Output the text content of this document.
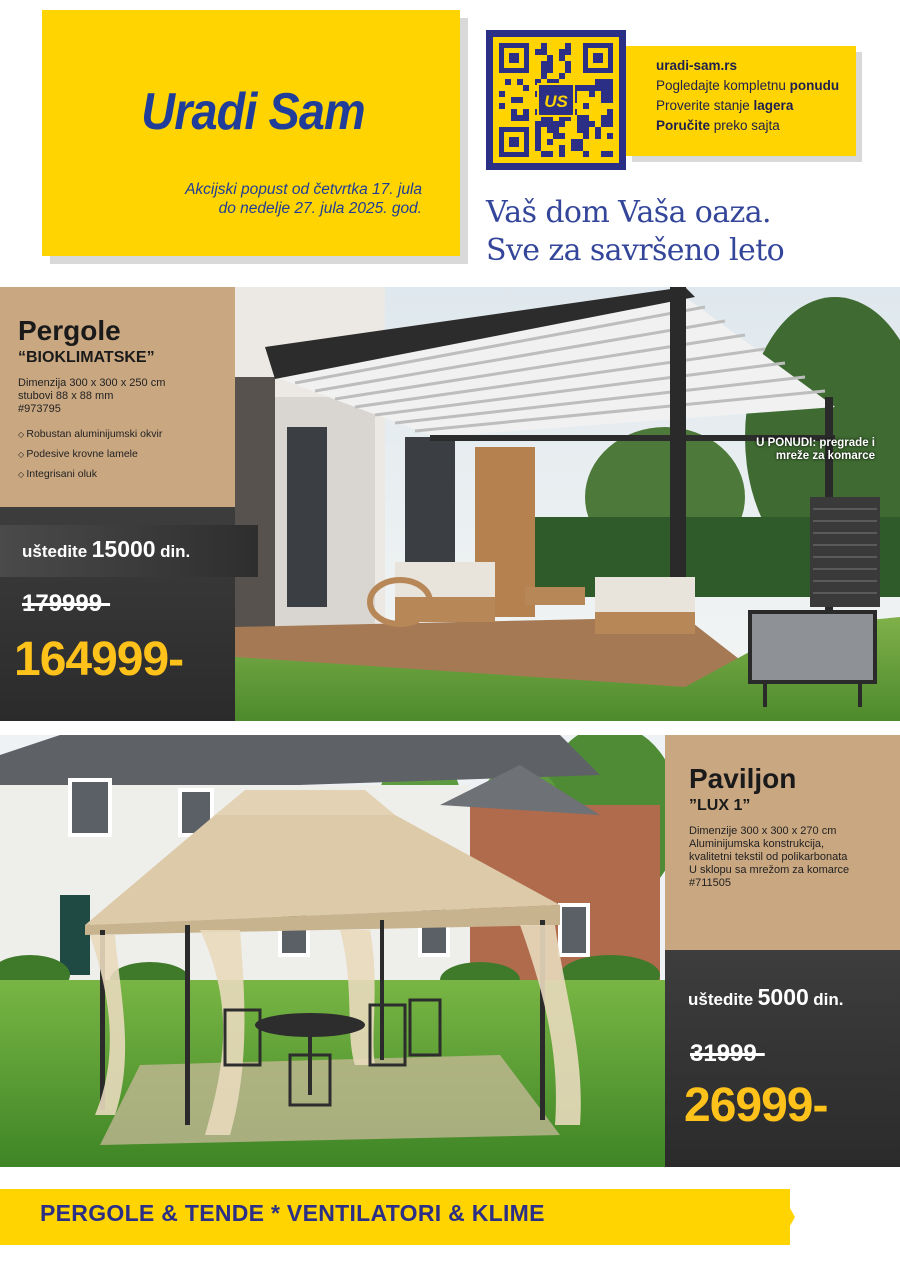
Uradi Sam
Akcijski popust od četvrtka 17. jula
do nedelje 27. jula 2025. god.
US
uradi-sam.rs
Pogledajte kompletnu ponudu
Proverite stanje lagera
Poručite preko sajta
Vaš dom Vaša oaza.
Sve za savršeno leto
U PONUDI: pregrade i mreže za komarce
Pergole
“BIOKLIMATSKE”
Dimenzija 300 x 300 x 250 cm
stubovi 88 x 88 mm
#973795
◇ Robustan aluminijumski okvir
◇ Podesive krovne lamele
◇ Integrisani oluk
uštedite 15000 din.
179999-
164999-
Paviljon
”LUX 1”
Dimenzije 300 x 300 x 270 cm
Aluminijumska konstrukcija,
kvalitetni tekstil od polikarbonata
U sklopu sa mrežom za komarce
#711505
uštedite 5000 din.
31999-
26999-
PERGOLE & TENDE * VENTILATORI & KLIME
